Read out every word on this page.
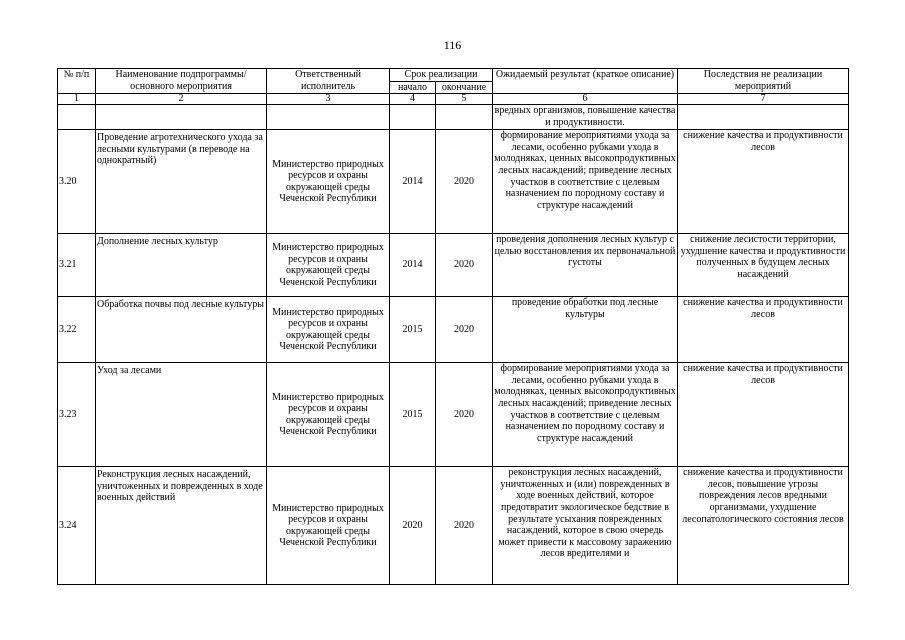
116
№ п/п	Наименование подпрограммы/ основного мероприятия	Ответственный исполнитель	Срок реализации		Ожидаемый результат (краткое описание)	Последствия не реализации мероприятий
			начало	окончание		
1	2	3	4	5	6	7
					вредных организмов, повышение качества и продуктивности.	
3.20	Проведение агротехнического ухода за лесными культурами (в переводе на однократный)	Министерство природных ресурсов и охраны окружающей среды Чеченской Республики	2014	2020	формирование мероприятиями ухода за лесами, особенно рубками ухода в молодняках, ценных высокопродуктивных лесных насаждений; приведение лесных участков в соответствие с целевым назначением по породному составу и структуре насаждений	снижение качества и продуктивности лесов
3.21	Дополнение лесных культур	Министерство природных ресурсов и охраны окружающей среды Чеченской Республики	2014	2020	проведения дополнения лесных культур с целью восстановления их первоначальной густоты	снижение лесистости территории, ухудшение качества и продуктивности полученных в будущем лесных насаждений
3.22	Обработка почвы под лесные культуры	Министерство природных ресурсов и охраны окружающей среды Чеченской Республики	2015	2020	проведение обработки под лесные культуры	снижение качества и продуктивности лесов
3.23	Уход за лесами	Министерство природных ресурсов и охраны окружающей среды Чеченской Республики	2015	2020	формирование мероприятиями ухода за лесами, особенно рубками ухода в молодняках, ценных высокопродуктивных лесных насаждений; приведение лесных участков в соответствие с целевым назначением по породному составу и структуре насаждений	снижение качества и продуктивности лесов
3.24	Реконструкция лесных насаждений, уничтоженных и поврежденных в ходе военных действий	Министерство природных ресурсов и охраны окружающей среды Чеченской Республики	2020	2020	реконструкция лесных насаждений, уничтоженных и (или) поврежденных в ходе военных действий, которое предотвратит экологическое бедствие в результате усыхания поврежденных насаждений, которое в свою очередь может привести к массовому заражению лесов вредителями и	снижение качества и продуктивности лесов, повышение угрозы повреждения лесов вредными организмами, ухудшение лесопатологического состояния лесов
